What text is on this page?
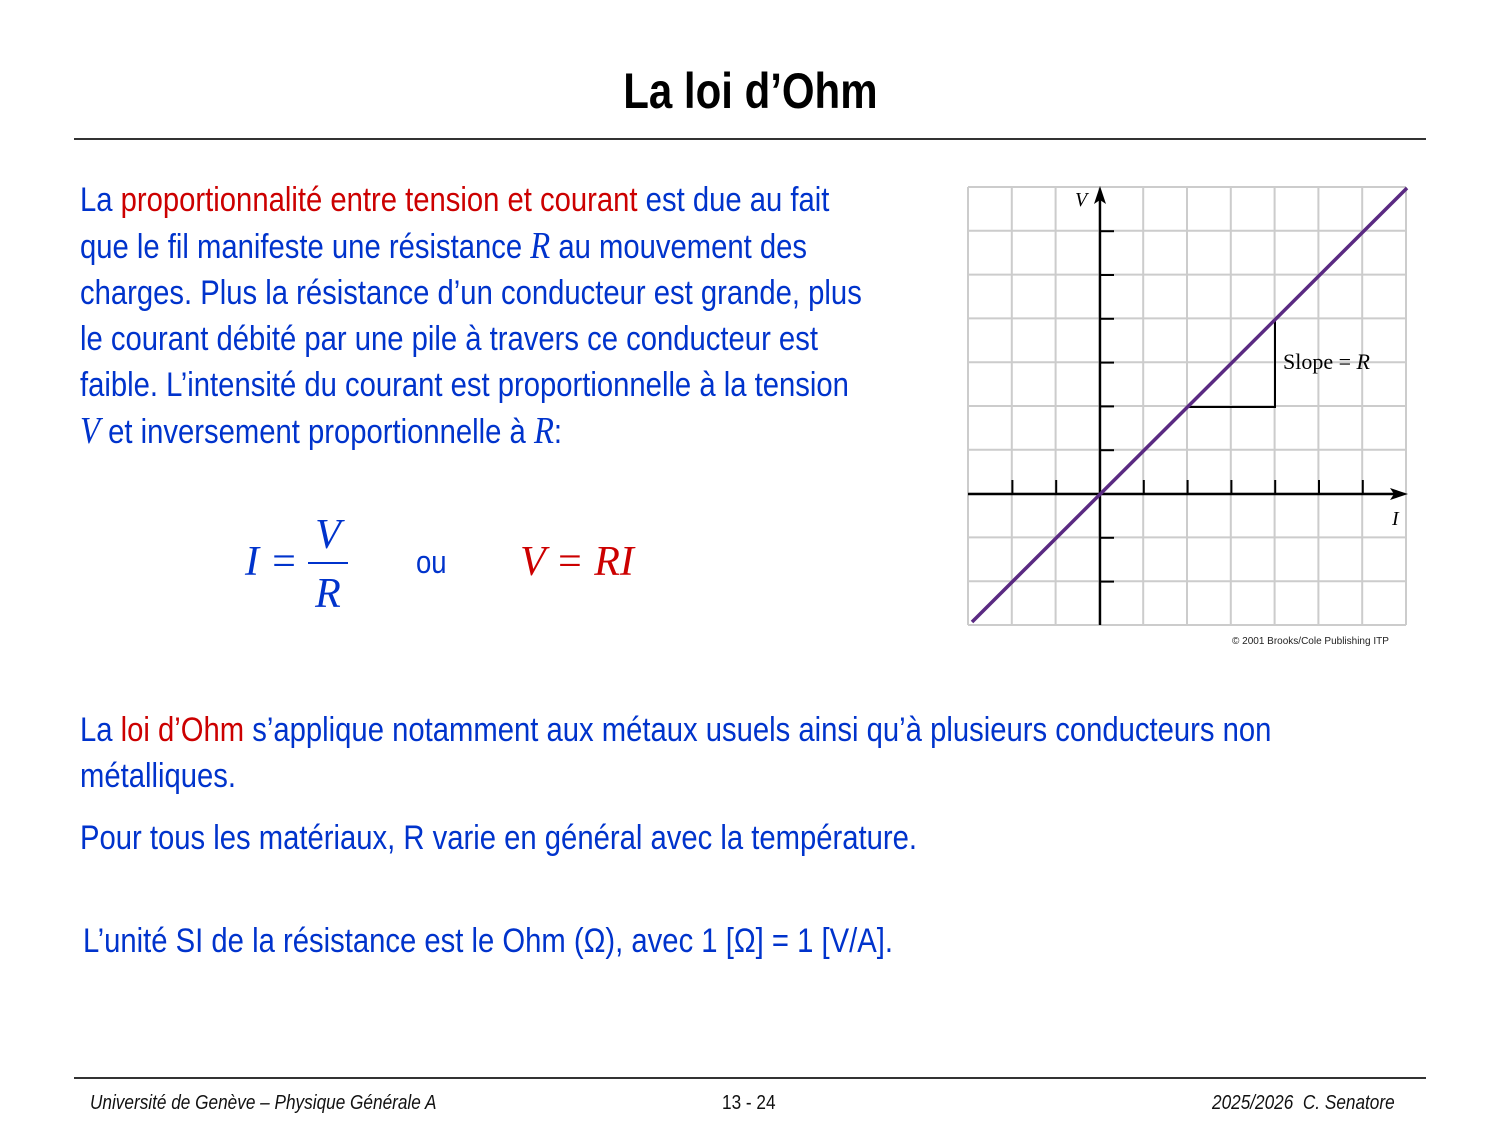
La loi d’Ohm
La proportionnalité entre tension et courant est due au fait
que le fil manifeste une résistance R au mouvement des
charges. Plus la résistance d’un conducteur est grande, plus
le courant débité par une pile à travers ce conducteur est
faible. L’intensité du courant est proportionnelle à la tension
V et inversement proportionnelle à R:
I =
V
R
ou V = RI
V
I
Slope = R
© 2001 Brooks/Cole Publishing ITP
La loi d’Ohm s’applique notamment aux métaux usuels ainsi qu’à plusieurs conducteurs non
métalliques.
Pour tous les matériaux, R varie en général avec la température.
L’unité SI de la résistance est le Ohm (Ω), avec 1 [Ω] = 1 [V/A].
Université de Genève – Physique Générale A	13 - 24	2025/2026  C. Senatore
